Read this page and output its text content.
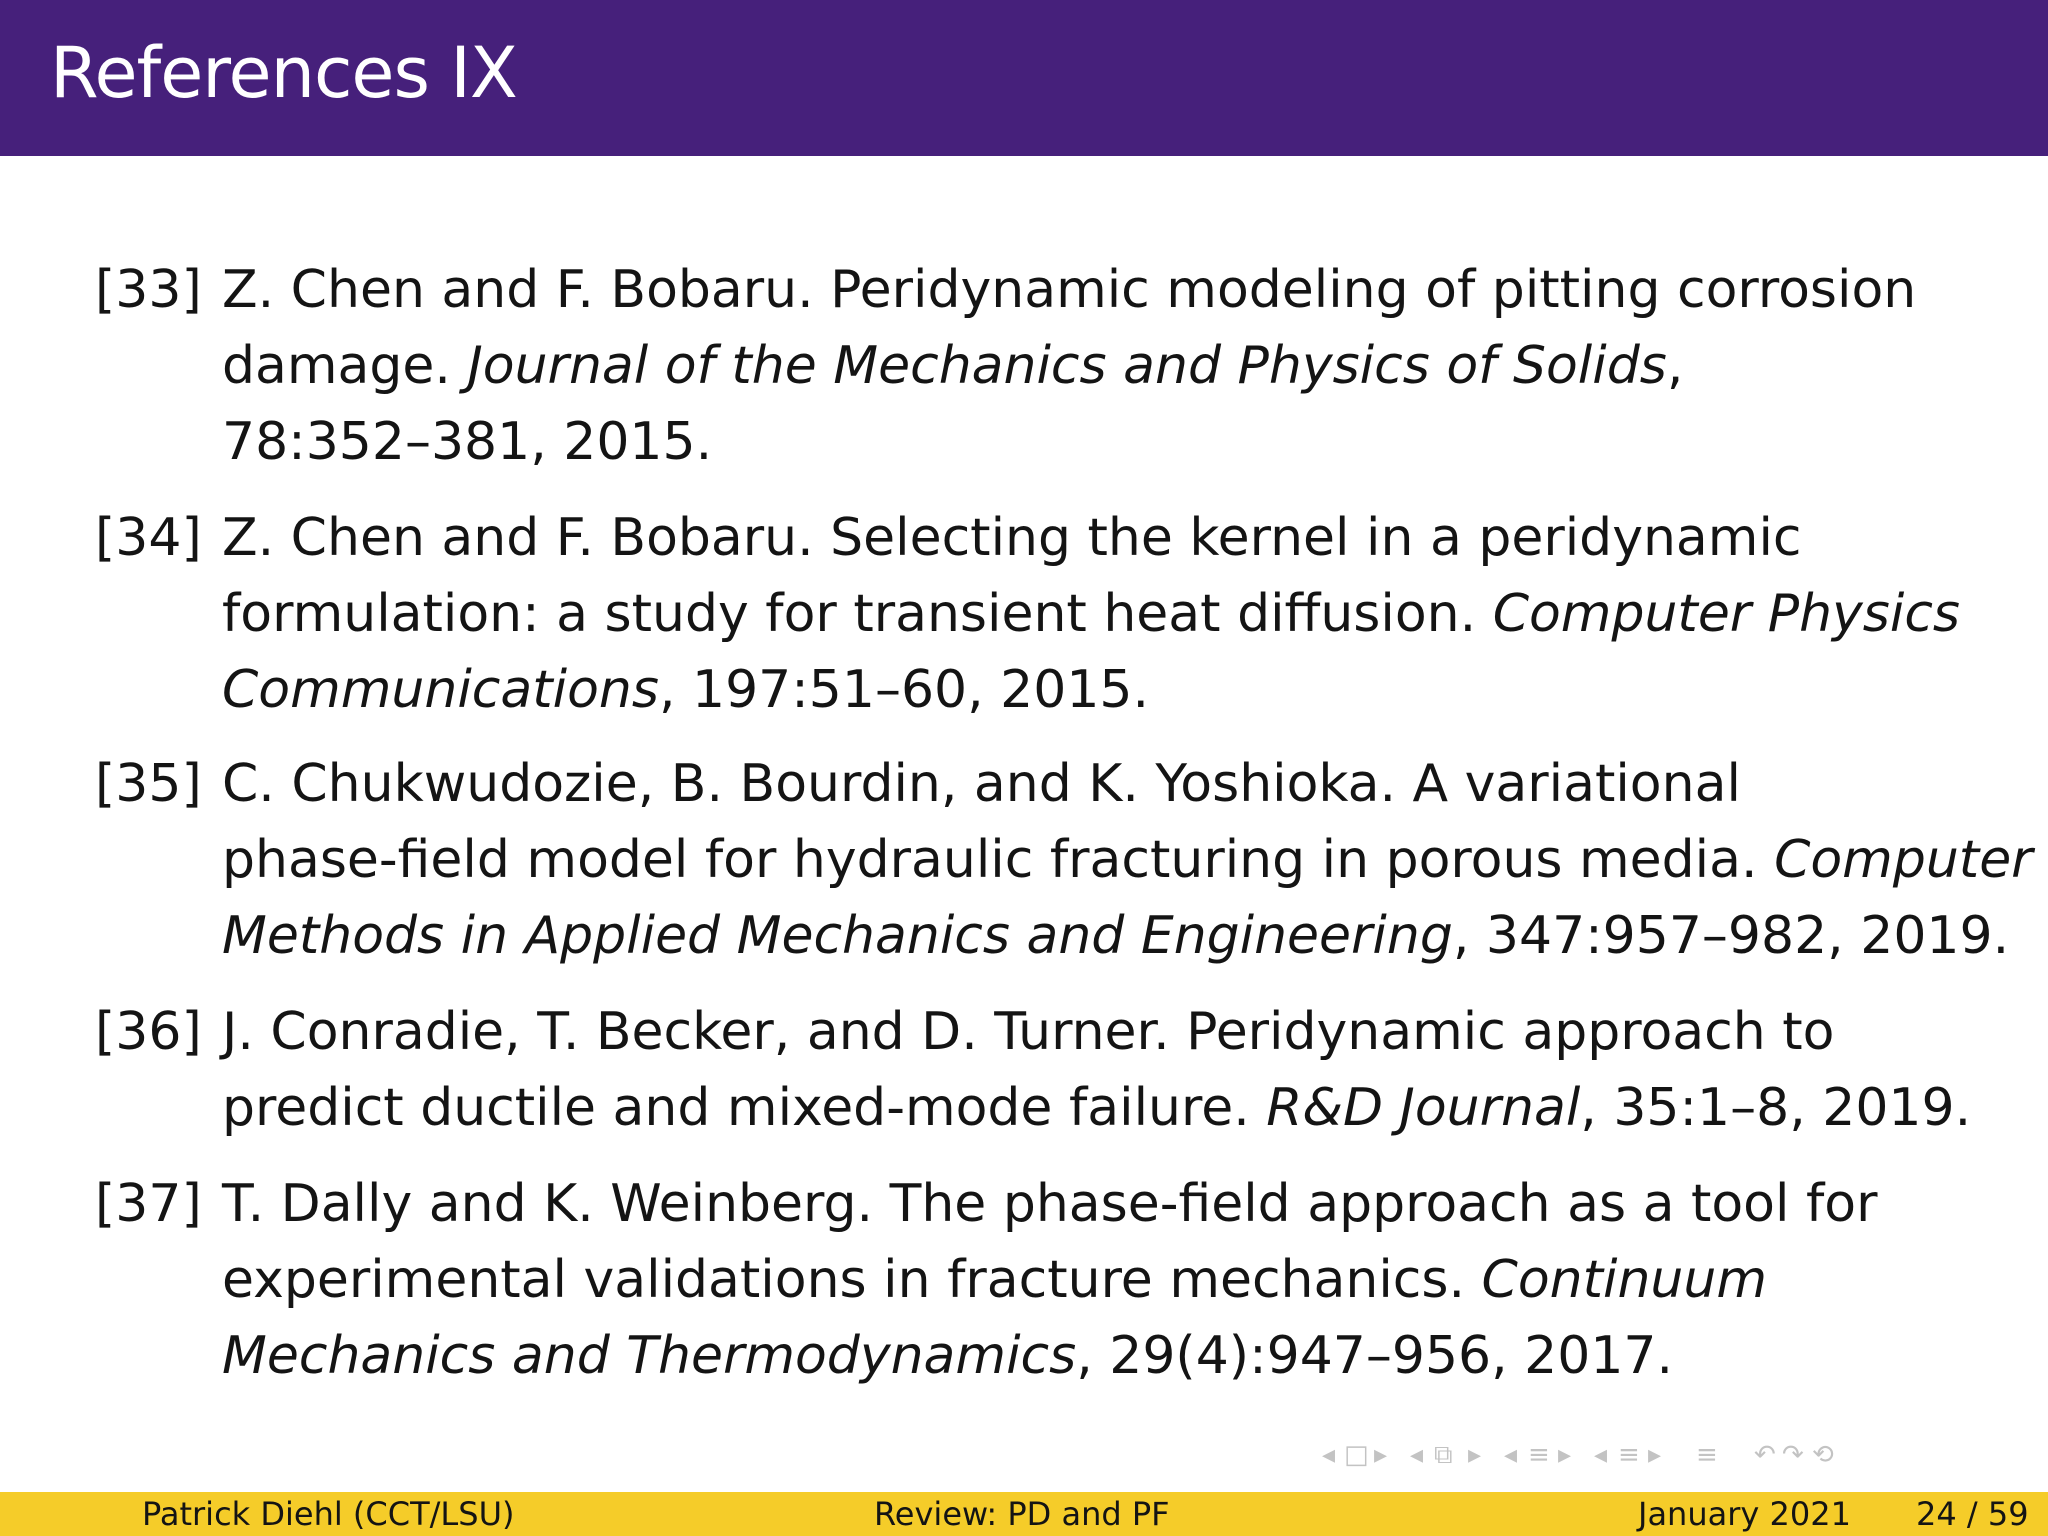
References IX
[33] Z. Chen and F. Bobaru. Peridynamic modeling of pitting corrosion
damage. Journal of the Mechanics and Physics of Solids,
78:352–381, 2015.
[34] Z. Chen and F. Bobaru. Selecting the kernel in a peridynamic
formulation: a study for transient heat diffusion. Computer Physics
Communications, 197:51–60, 2015.
[35] C. Chukwudozie, B. Bourdin, and K. Yoshioka. A variational
phase-field model for hydraulic fracturing in porous media. Computer
Methods in Applied Mechanics and Engineering, 347:957–982, 2019.
[36] J. Conradie, T. Becker, and D. Turner. Peridynamic approach to
predict ductile and mixed-mode failure. R&D Journal, 35:1–8, 2019.
[37] T. Dally and K. Weinberg. The phase-field approach as a tool for
experimental validations in fracture mechanics. Continuum
Mechanics and Thermodynamics, 29(4):947–956, 2017.
◂ □ ▸ ◂ ⧉ ▸ ◂ ≡ ▸ ◂ ≡ ▸ ≡ ↶ ↷ ⟲
Patrick Diehl (CCT/LSU)	Review: PD and PF	January 2021 24 / 59
